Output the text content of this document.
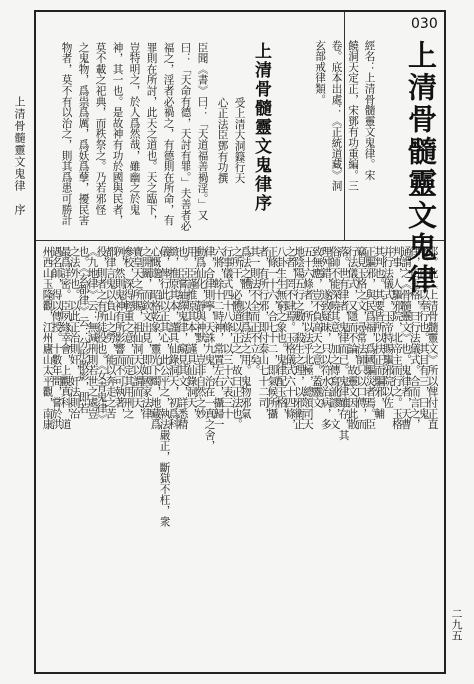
上清骨髓靈文鬼律　序
二九五
030
上清骨髓靈文鬼律
經名：上清骨髓靈文鬼律。宋
饒洞天定正，宋鄧有功重編。三
卷。底本出處：《正統道藏》洞
玄部戒律類。
上清骨髓靈文鬼律序
受上清大洞籙行天
心正法臣鄧有功撰
臣聞《書》曰：「天道福善禍淫。」又
曰：「天命有德，天討有罪。」夫善者必
福之，淫者必禍之，有德則在所命，有
罪則在所討，此天之道也。天之臨下，
豈特明之，於人爲然哉，雖幽之於鬼
神，其一也。是故神有功於國與民者，
莫不載之祀典，而秩祭之。乃若邪怪
之鬼物，爲祟爲厲，爲妖爲孽，擾民害
物者，莫不有以治之，則其爲患可勝計
耶。此《上清骨髓靈文》所以俾付正直
者，使之以奉行也。其目有三，曰鬼
律，曰玉格，曰行法儀式。合而言之，
通謂之《骨髓靈文》也。鬼律者，天曹
判事，人驅邪院，北帝主而行之。玉格
并行法儀式，玉帝特賜驅邪院以佐
其判也。其要皆所以扶正而驅邪，輔
正驅邪，與民爲福，爲國驅災者焉。臣
竊見玉格之文，尋常法師只以口傳，而
行法儀式，又隱而不論，故靈文因此散
落。世有律者，鬼律而已。鬼律雖存，其
俗師不能深曉其意，加之傳寫訛謬，文
理舛錯，遂致疑昧，只以符水治病，多
致無應，豈不負高天之意。蓋靈文
五十六條者，所以法乎北極，總領司天
地陰陽五行之數，殺生之理，以邪衛正
之者，罔不肆焉。玉格儀式六十四條，
八卦生生無窮之象也。鬼律配玉格，
正條一十六，合七十二，即氣候所攝
者，有所行邪，即付泰山七十二司，
其一則法不全而正不立矣。
爲法之體，以律爲法之用。鬼物邪氣
之所干，必體道以正之，故曰正法也。
行事儀式四十八條，以三十六表三十
六將，餘十二時神，常置左右，攝歸一
律，合律則寧，天誅九鬼，治在一真之舍，
動爲仙化，靜與神默，豈非自然之妙
用，臣謹推原其本，謹具仙錄洞天，
也。臣嘗紬繹鬼律，窺見其文，詳悉精
緻，推原其本，謹具仙錄洞天，初爲科
儀，俾行此以正其心，此公平之，執法嚴正，斷獄不枉，衆
心慨邈，昭格乾象，靈光下燭，地藏爲
之開關，而欽文出見，即如國家法律
寶皇天之所賜，祖仙洞天以謂而天，
參校，深得輕重之意，而定其用刑之
例，然則鬼神有所影響而不可執著，
都律言鬼以負山之勞，能以奔走之苦
役，則者之有所徒役也。《女青鬼律》
《九地律》云：無減刑則若世之處豈
也。《玄都律》云：分形散影，即若
之法外也。以此正治則奸，奸法則治
最爲詳密。臣夙緣幸會，上觀真科，道
遇名師，得以傳授。十數年間，嘗於洪
州西山玉隆觀，江州廬山太平觀，南康
